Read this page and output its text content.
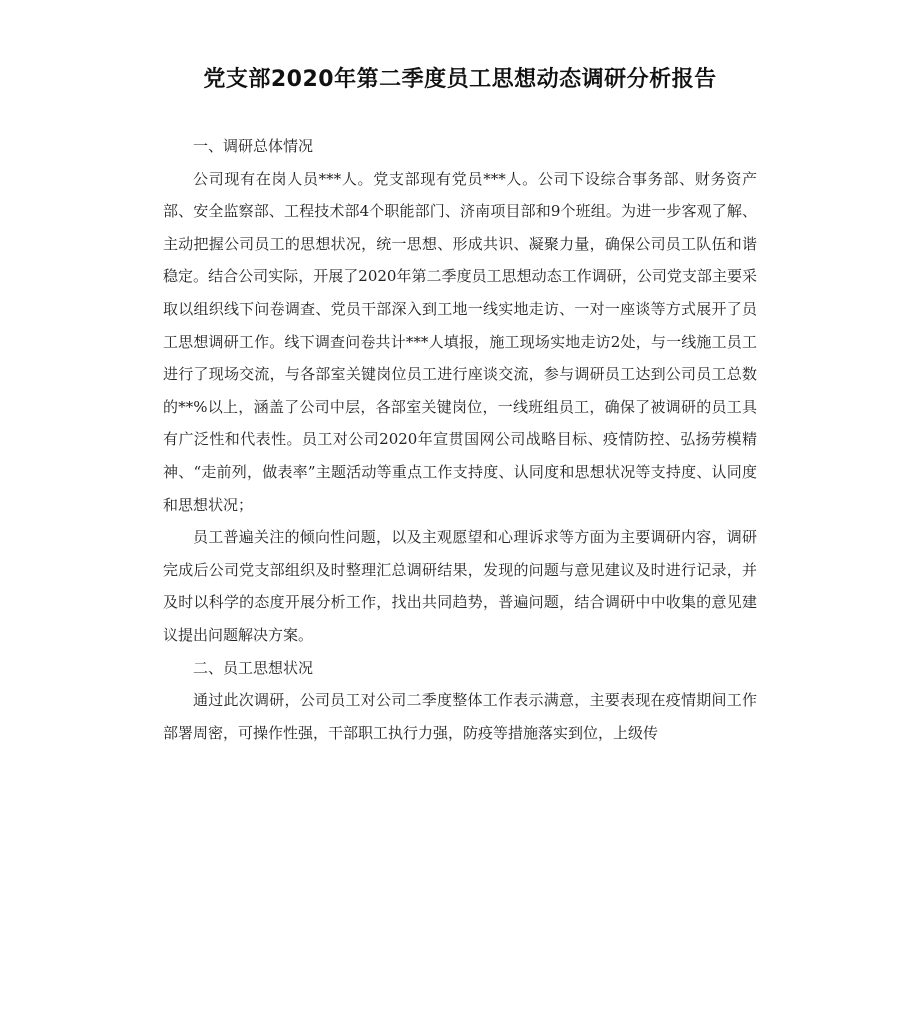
党支部2020年第二季度员工思想动态调研分析报告

一、调研总体情况

公司现有在岗人员***人。党支部现有党员***人。公司下设综合事务部、财务资产部、安全监察部、工程技术部4个职能部门、济南项目部和9个班组。为进一步客观了解、主动把握公司员工的思想状况，统一思想、形成共识、凝聚力量，确保公司员工队伍和谐稳定。结合公司实际，开展了2020年第二季度员工思想动态工作调研，公司党支部主要采取以组织线下问卷调查、党员干部深入到工地一线实地走访、一对一座谈等方式展开了员工思想调研工作。线下调查问卷共计***人填报，施工现场实地走访2处，与一线施工员工进行了现场交流，与各部室关键岗位员工进行座谈交流，参与调研员工达到公司员工总数的**%以上，涵盖了公司中层，各部室关键岗位，一线班组员工，确保了被调研的员工具有广泛性和代表性。员工对公司2020年宣贯国网公司战略目标、疫情防控、弘扬劳模精神、“走前列，做表率”主题活动等重点工作支持度、认同度和思想状况等支持度、认同度和思想状况；

员工普遍关注的倾向性问题，以及主观愿望和心理诉求等方面为主要调研内容，调研完成后公司党支部组织及时整理汇总调研结果，发现的问题与意见建议及时进行记录，并及时以科学的态度开展分析工作，找出共同趋势，普遍问题，结合调研中中收集的意见建议提出问题解决方案。

二、员工思想状况

通过此次调研，公司员工对公司二季度整体工作表示满意，主要表现在疫情期间工作部署周密，可操作性强，干部职工执行力强，防疫等措施落实到位，上级传
